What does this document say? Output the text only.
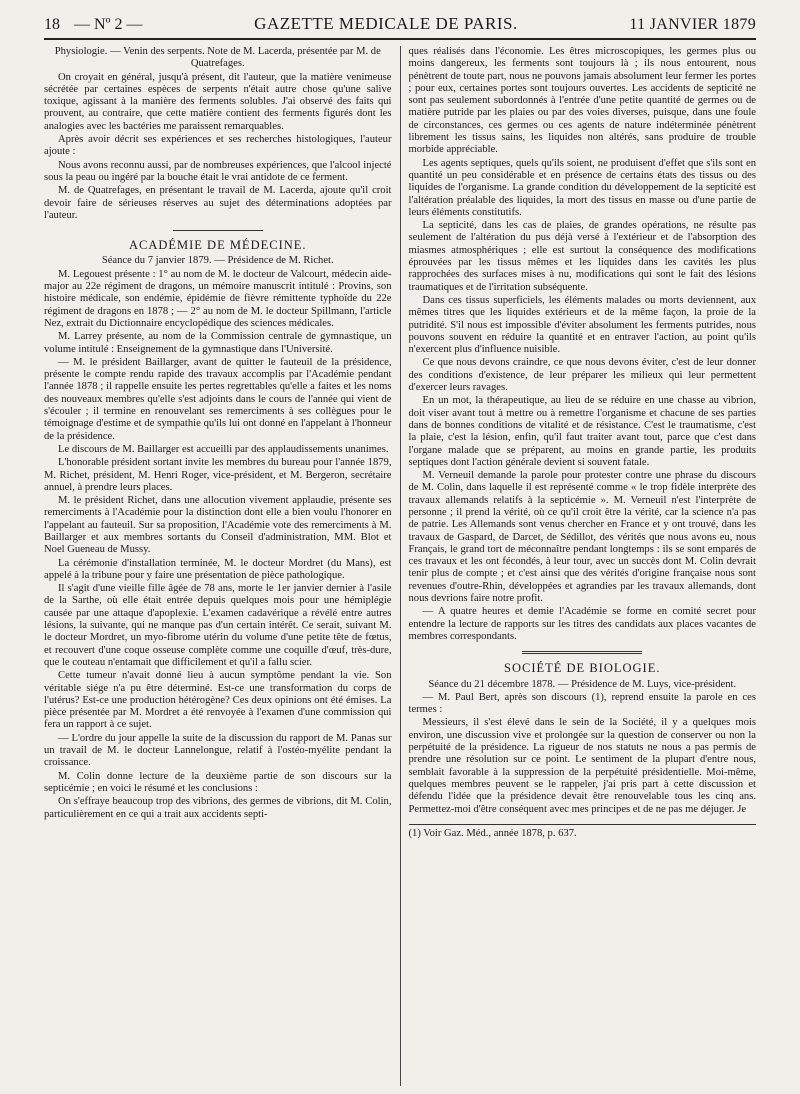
18 — Nº 2 —	GAZETTE MEDICALE DE PARIS.	11 JANVIER 1879

Physiologie. — Venin des serpents. Note de M. Lacerda, présentée par M. de Quatrefages.

On croyait en général, jusqu'à présent, dit l'auteur, que la matière venimeuse sécrétée par certaines espèces de serpents n'était autre chose qu'une salive toxique, agissant à la manière des ferments solubles. J'ai observé des faits qui prouvent, au contraire, que cette matière contient des ferments figurés dont les analogies avec les bactéries me paraissent remarquables.

Après avoir décrit ses expériences et ses recherches histologiques, l'auteur ajoute :

Nous avons reconnu aussi, par de nombreuses expériences, que l'alcool injecté sous la peau ou ingéré par la bouche était le vrai antidote de ce ferment.

M. de Quatrefages, en présentant le travail de M. Lacerda, ajoute qu'il croit devoir faire de sérieuses réserves au sujet des déterminations adoptées par l'auteur.

ACADÉMIE DE MÉDECINE.

Séance du 7 janvier 1879. — Présidence de M. Richet.

M. Legouest présente : 1° au nom de M. le docteur de Valcourt, médecin aide-major au 22e régiment de dragons, un mémoire manuscrit intitulé : Provins, son histoire médicale, son endémie, épidémie de fièvre rémittente typhoïde du 22e régiment de dragons en 1878 ; — 2° au nom de M. le docteur Spillmann, l'article Nez, extrait du Dictionnaire encyclopédique des sciences médicales.

M. Larrey présente, au nom de la Commission centrale de gymnastique, un volume intitulé : Enseignement de la gymnastique dans l'Université.

— M. le président Baillarger, avant de quitter le fauteuil de la présidence, présente le compte rendu rapide des travaux accomplis par l'Académie pendant l'année 1878 ; il rappelle ensuite les pertes regrettables qu'elle a faites et les noms des nouveaux membres qu'elle s'est adjoints dans le cours de l'année qui vient de s'écouler ; il termine en renouvelant ses remerciments à ses collègues pour le témoignage d'estime et de sympathie qu'ils lui ont donné en l'appelant à l'honneur de la présidence.

Le discours de M. Baillarger est accueilli par des applaudissements unanimes.

L'honorable président sortant invite les membres du bureau pour l'année 1879, M. Richet, président, M. Henri Roger, vice-président, et M. Bergeron, secrétaire annuel, à prendre leurs places.

M. le président Richet, dans une allocution vivement applaudie, présente ses remerciments à l'Académie pour la distinction dont elle a bien voulu l'honorer en l'appelant au fauteuil. Sur sa proposition, l'Académie vote des remerciments à M. Baillarger et aux membres sortants du Conseil d'administration, MM. Blot et Noel Gueneau de Mussy.

La cérémonie d'installation terminée, M. le docteur Mordret (du Mans), est appelé à la tribune pour y faire une présentation de pièce pathologique.

Il s'agit d'une vieille fille âgée de 78 ans, morte le 1er janvier dernier à l'asile de la Sarthe, où elle était entrée depuis quelques mois pour une hémiplégie causée par une attaque d'apoplexie. L'examen cadavérique a révélé entre autres lésions, la suivante, qui ne manque pas d'un certain intérêt. Ce serait, suivant M. le docteur Mordret, un myo-fibrome utérin du volume d'une petite tête de fœtus, et recouvert d'une coque osseuse complète comme une coquille d'œuf, très-dure, que le couteau n'entamait que difficilement et qu'il a fallu scier.

Cette tumeur n'avait donné lieu à aucun symptôme pendant la vie. Son véritable siége n'a pu être déterminé. Est-ce une transformation du corps de l'utérus? Est-ce une production hétérogène? Ces deux opinions ont été émises. La pièce présentée par M. Mordret a été renvoyée à l'examen d'une commission qui fera un rapport à ce sujet.

— L'ordre du jour appelle la suite de la discussion du rapport de M. Panas sur un travail de M. le docteur Lannelongue, relatif à l'ostéo-myélite pendant la croissance.

M. Colin donne lecture de la deuxième partie de son discours sur la septicémie ; en voici le résumé et les conclusions :

On s'effraye beaucoup trop des vibrions, des germes de vibrions, dit M. Colin, particulièrement en ce qui a trait aux accidents septi-

ques réalisés dans l'économie. Les êtres microscopiques, les germes plus ou moins dangereux, les ferments sont toujours là ; ils nous entourent, nous pénètrent de toute part, nous ne pouvons jamais absolument leur fermer les portes ; pour eux, certaines portes sont toujours ouvertes. Les accidents de septicité ne sont pas seulement subordonnés à l'entrée d'une petite quantité de germes ou de matière putride par les plaies ou par des voies diverses, puisque, dans une foule de circonstances, ces germes ou ces agents de nature indéterminée pénètrent librement les tissus sains, les liquides non altérés, sans produire de trouble morbide appréciable.

Les agents septiques, quels qu'ils soient, ne produisent d'effet que s'ils sont en quantité un peu considérable et en présence de certains états des tissus ou des liquides de l'organisme. La grande condition du développement de la septicité est l'altération préalable des liquides, la mort des tissus en masse ou d'une partie de leurs éléments constitutifs.

La septicité, dans les cas de plaies, de grandes opérations, ne résulte pas seulement de l'altération du pus déjà versé à l'extérieur et de l'absorption des miasmes atmosphériques ; elle est surtout la conséquence des modifications éprouvées par les tissus mêmes et les liquides dans les cavités les plus rapprochées des surfaces mises à nu, modifications qui sont le fait des lésions traumatiques et de l'irritation subséquente.

Dans ces tissus superficiels, les éléments malades ou morts deviennent, aux mêmes titres que les liquides extérieurs et de la même façon, la proie de la putridité. S'il nous est impossible d'éviter absolument les ferments putrides, nous pouvons souvent en réduire la quantité et en entraver l'action, au point qu'ils n'exercent plus d'influence nuisible.

Ce que nous devons craindre, ce que nous devons éviter, c'est de leur donner des conditions d'existence, de leur préparer les milieux qui leur permettent d'exercer leurs ravages.

En un mot, la thérapeutique, au lieu de se réduire en une chasse au vibrion, doit viser avant tout à mettre ou à remettre l'organisme et chacune de ses parties dans de bonnes conditions de vitalité et de résistance. C'est le traumatisme, c'est la plaie, c'est la lésion, enfin, qu'il faut traiter avant tout, parce que c'est dans l'organe malade que se préparent, au moins en grande partie, les produits septiques dont l'action générale devient si souvent fatale.

M. Verneuil demande la parole pour protester contre une phrase du discours de M. Colin, dans laquelle il est représenté comme « le trop fidèle interprète des travaux allemands relatifs à la septicémie ». M. Verneuil n'est l'interprète de personne ; il prend la vérité, où ce qu'il croit être la vérité, car la science n'a pas de patrie. Les Allemands sont venus chercher en France et y ont trouvé, dans les travaux de Gaspard, de Darcet, de Sédillot, des vérités que nous avons eu, nous Français, le grand tort de méconnaître pendant longtemps : ils se sont emparés de ces travaux et les ont fécondés, à leur tour, avec un succès dont M. Colin devrait tenir plus de compte ; et c'est ainsi que des vérités d'origine française nous sont revenues d'outre-Rhin, développées et agrandies par les travaux allemands, dont nous devrions faire notre profit.

— A quatre heures et demie l'Académie se forme en comité secret pour entendre la lecture de rapports sur les titres des candidats aux places vacantes de membres correspondants.

SOCIÉTÉ DE BIOLOGIE.

Séance du 21 décembre 1878. — Présidence de M. Luys, vice-président.

— M. Paul Bert, après son discours (1), reprend ensuite la parole en ces termes :

Messieurs, il s'est élevé dans le sein de la Société, il y a quelques mois environ, une discussion vive et prolongée sur la question de conserver ou non la perpétuité de la présidence. La rigueur de nos statuts ne nous a pas permis de prendre une résolution sur ce point. Le sentiment de la plupart d'entre nous, semblait favorable à la suppression de la perpétuité présidentielle. Moi-même, quelques membres peuvent se le rappeler, j'ai pris part à cette discussion et défendu l'idée que la présidence devait être renouvelable tous les cinq ans. Permettez-moi d'être conséquent avec mes principes et de ne pas me déjuger. Je

(1) Voir Gaz. Méd., année 1878, p. 637.
